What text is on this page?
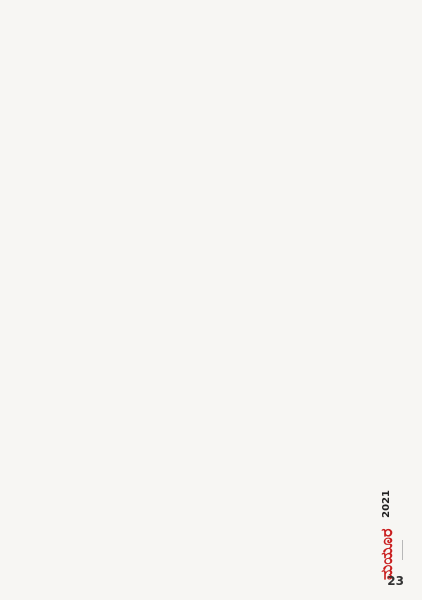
ಮಯೂರ
2021
23
